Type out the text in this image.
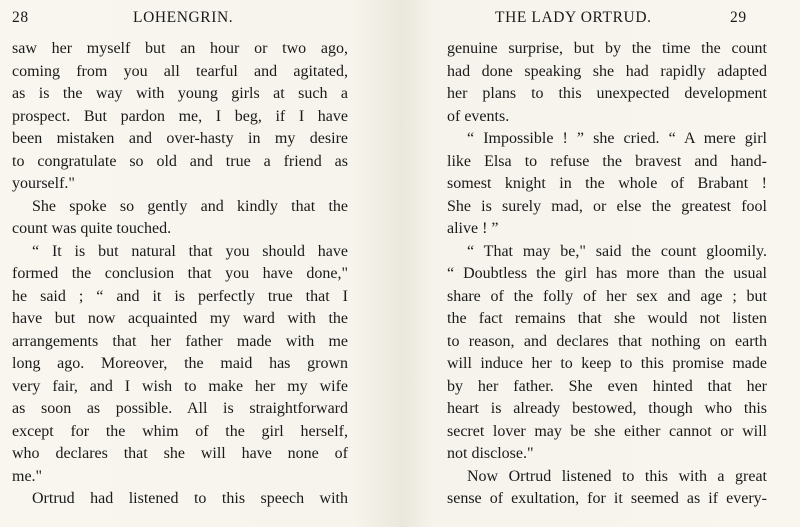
28	LOHENGRIN.
saw her myself but an hour or two ago,
coming from you all tearful and agitated,
as is the way with young girls at such a
prospect. But pardon me, I beg, if I have
been mistaken and over-hasty in my desire
to congratulate so old and true a friend as
yourself."
She spoke so gently and kindly that the
count was quite touched.
“ It is but natural that you should have
formed the conclusion that you have done,"
he said ; “ and it is perfectly true that I
have but now acquainted my ward with the
arrangements that her father made with me
long ago. Moreover, the maid has grown
very fair, and I wish to make her my wife
as soon as possible. All is straightforward
except for the whim of the girl herself,
who declares that she will have none of
me."
Ortrud had listened to this speech with
THE LADY ORTRUD.	29
genuine surprise, but by the time the count
had done speaking she had rapidly adapted
her plans to this unexpected development
of events.
“ Impossible ! ” she cried. “ A mere girl
like Elsa to refuse the bravest and hand-
somest knight in the whole of Brabant !
She is surely mad, or else the greatest fool
alive ! ”
“ That may be," said the count gloomily.
“ Doubtless the girl has more than the usual
share of the folly of her sex and age ; but
the fact remains that she would not listen
to reason, and declares that nothing on earth
will induce her to keep to this promise made
by her father. She even hinted that her
heart is already bestowed, though who this
secret lover may be she either cannot or will
not disclose."
Now Ortrud listened to this with a great
sense of exultation, for it seemed as if every-
